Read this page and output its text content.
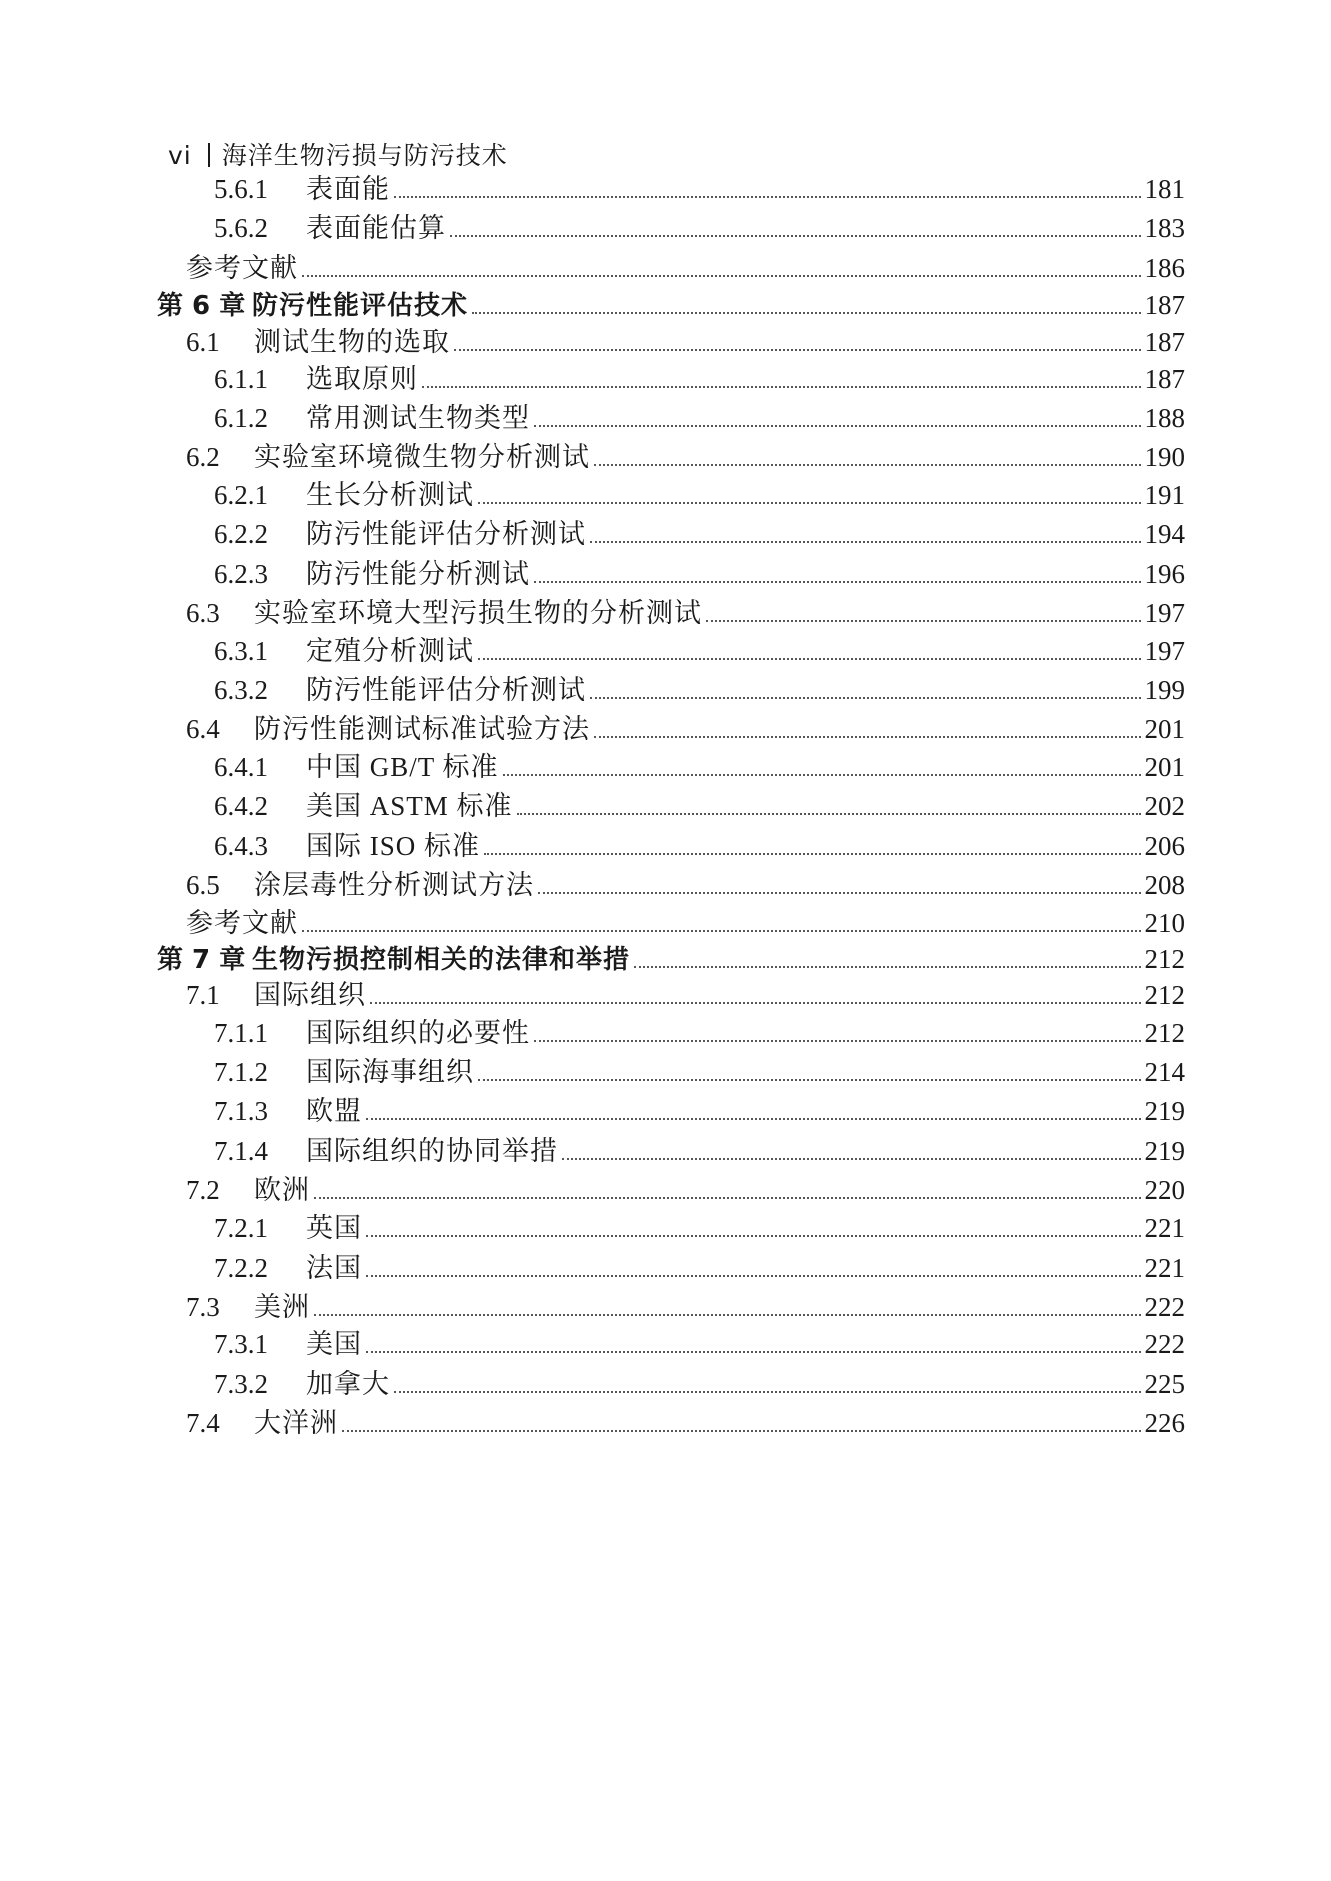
vi 海洋生物污损与防污技术
5.6.1	表面能	181
5.6.2	表面能估算	183
参考文献	186
第 6 章 防污性能评估技术	187
6.1	测试生物的选取	187
6.1.1	选取原则	187
6.1.2	常用测试生物类型	188
6.2	实验室环境微生物分析测试	190
6.2.1	生长分析测试	191
6.2.2	防污性能评估分析测试	194
6.2.3	防污性能分析测试	196
6.3	实验室环境大型污损生物的分析测试	197
6.3.1	定殖分析测试	197
6.3.2	防污性能评估分析测试	199
6.4	防污性能测试标准试验方法	201
6.4.1	中国 GB/T 标准	201
6.4.2	美国 ASTM 标准	202
6.4.3	国际 ISO 标准	206
6.5	涂层毒性分析测试方法	208
参考文献	210
第 7 章 生物污损控制相关的法律和举措	212
7.1	国际组织	212
7.1.1	国际组织的必要性	212
7.1.2	国际海事组织	214
7.1.3	欧盟	219
7.1.4	国际组织的协同举措	219
7.2	欧洲	220
7.2.1	英国	221
7.2.2	法国	221
7.3	美洲	222
7.3.1	美国	222
7.3.2	加拿大	225
7.4	大洋洲	226
